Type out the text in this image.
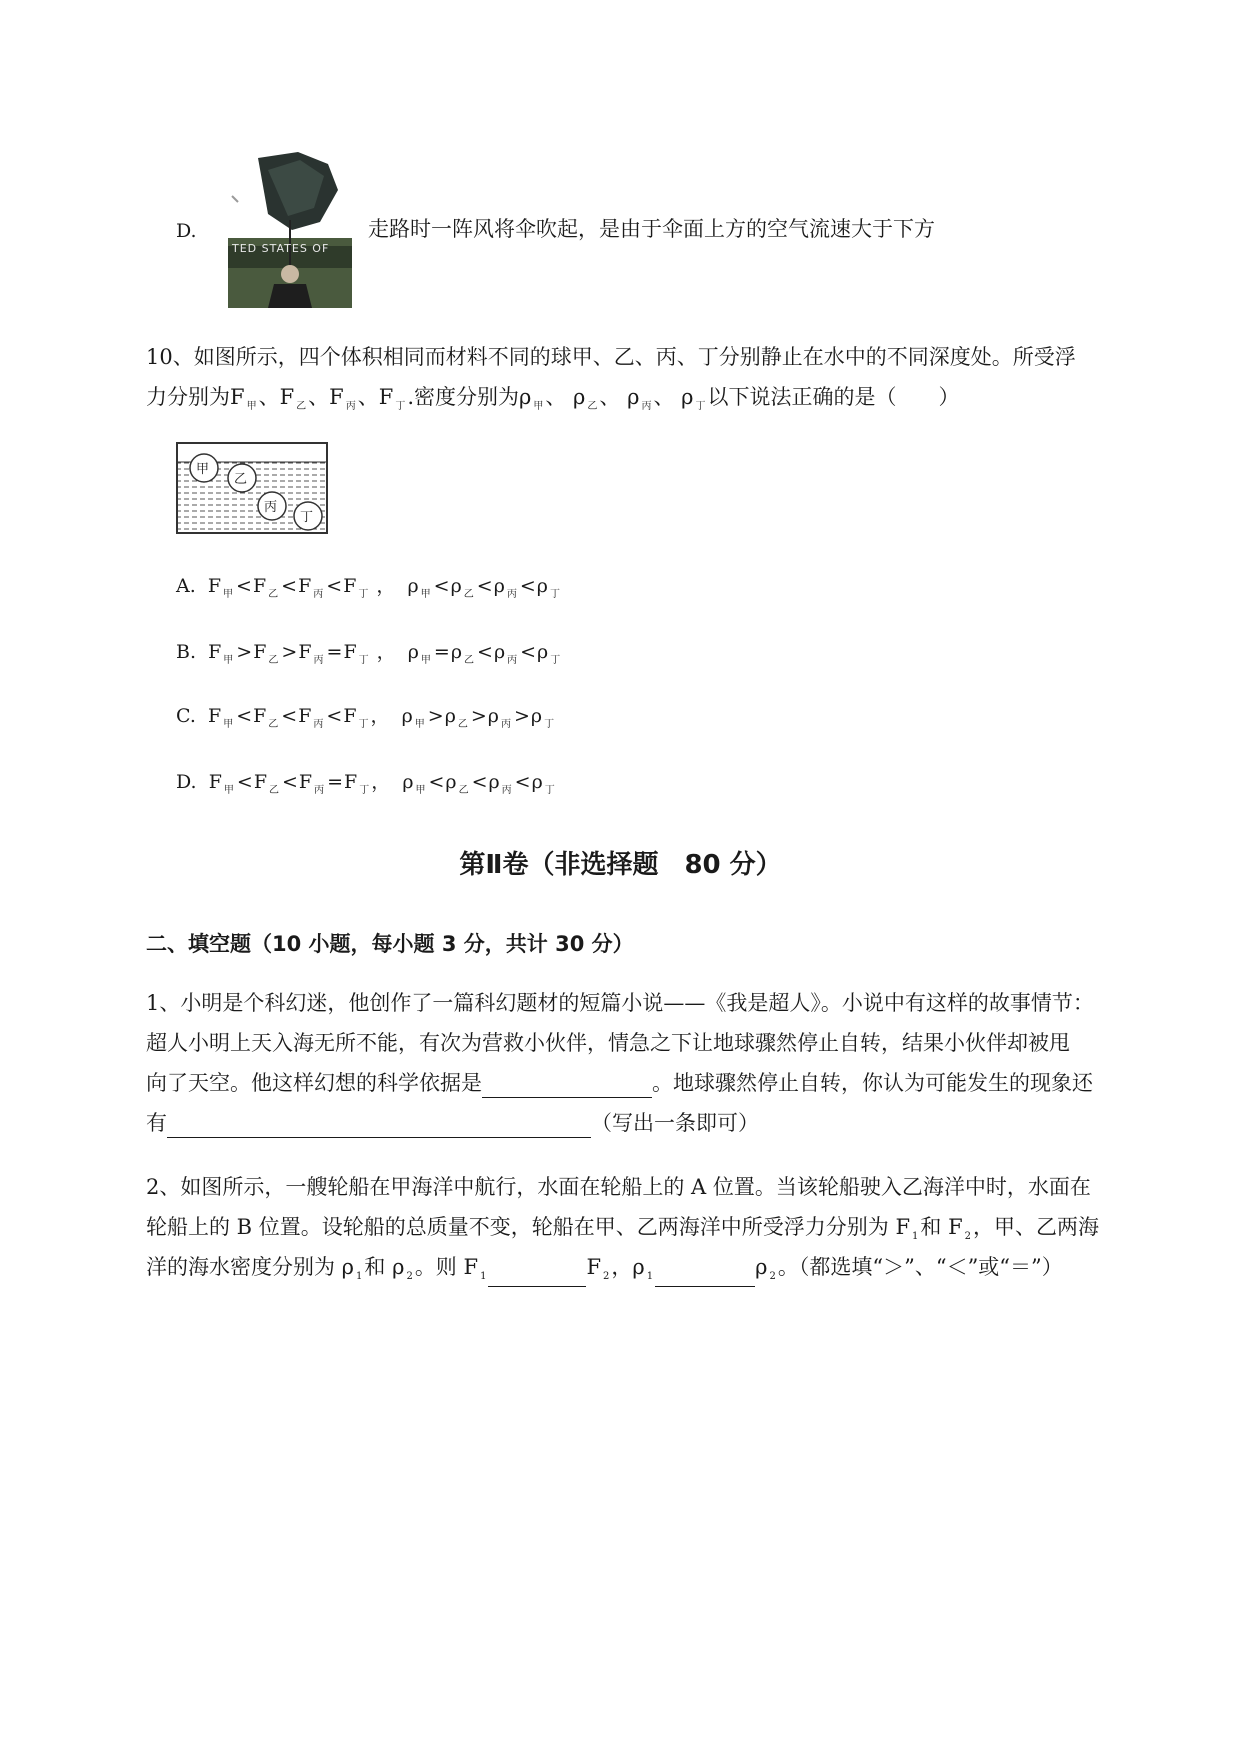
D.
TED STATES OF
走路时一阵风将伞吹起，是由于伞面上方的空气流速大于下方
10、如图所示，四个体积相同而材料不同的球甲、乙、丙、丁分别静止在水中的不同深度处。所受浮
力分别为F $_甲$、F $_乙$、F $_丙$、F $_丁$.密度分别为ρ $_甲$、 ρ $_乙$、 ρ $_丙$、 ρ $_丁$以下说法正确的是（　　）
甲
乙
丙
丁
A. F $_甲$ <F $_乙$ <F $_丙$ <F $_丁$ ，  ρ $_甲$ <ρ $_乙$ <ρ $_丙$ <ρ $_丁$
B. F $_甲$ >F $_乙$ >F $_丙$ =F $_丁$ ，  ρ $_甲$ =ρ $_乙$ <ρ $_丙$ <ρ $_丁$
C. F $_甲$ <F $_乙$ <F $_丙$ <F $_丁$ ，  ρ $_甲$ >ρ $_乙$ >ρ $_丙$ >ρ $_丁$
D. F $_甲$ <F $_乙$ <F $_丙$ =F $_丁$ ，  ρ $_甲$ <ρ $_乙$ <ρ $_丙$ <ρ $_丁$
第Ⅱ卷（非选择题　80 分）
二、填空题（10 小题，每小题 3 分，共计 30 分）
1、小明是个科幻迷，他创作了一篇科幻题材的短篇小说——《我是超人》。小说中有这样的故事情节：
超人小明上天入海无所不能，有次为营救小伙伴，情急之下让地球骤然停止自转，结果小伙伴却被甩
向了天空。他这样幻想的科学依据是	。地球骤然停止自转，你认为可能发生的现象还
有	（写出一条即可）
2、如图所示，一艘轮船在甲海洋中航行，水面在轮船上的 A 位置。当该轮船驶入乙海洋中时，水面在
轮船上的 B 位置。设轮船的总质量不变，轮船在甲、乙两海洋中所受浮力分别为 F $_1$和 F $_2$，甲、乙两海
洋的海水密度分别为 ρ $_1$和 ρ $_2$。则 F $_1$	F $_2$，ρ $_1$	ρ $_2$。（都选填“＞”、“＜”或“＝”）
